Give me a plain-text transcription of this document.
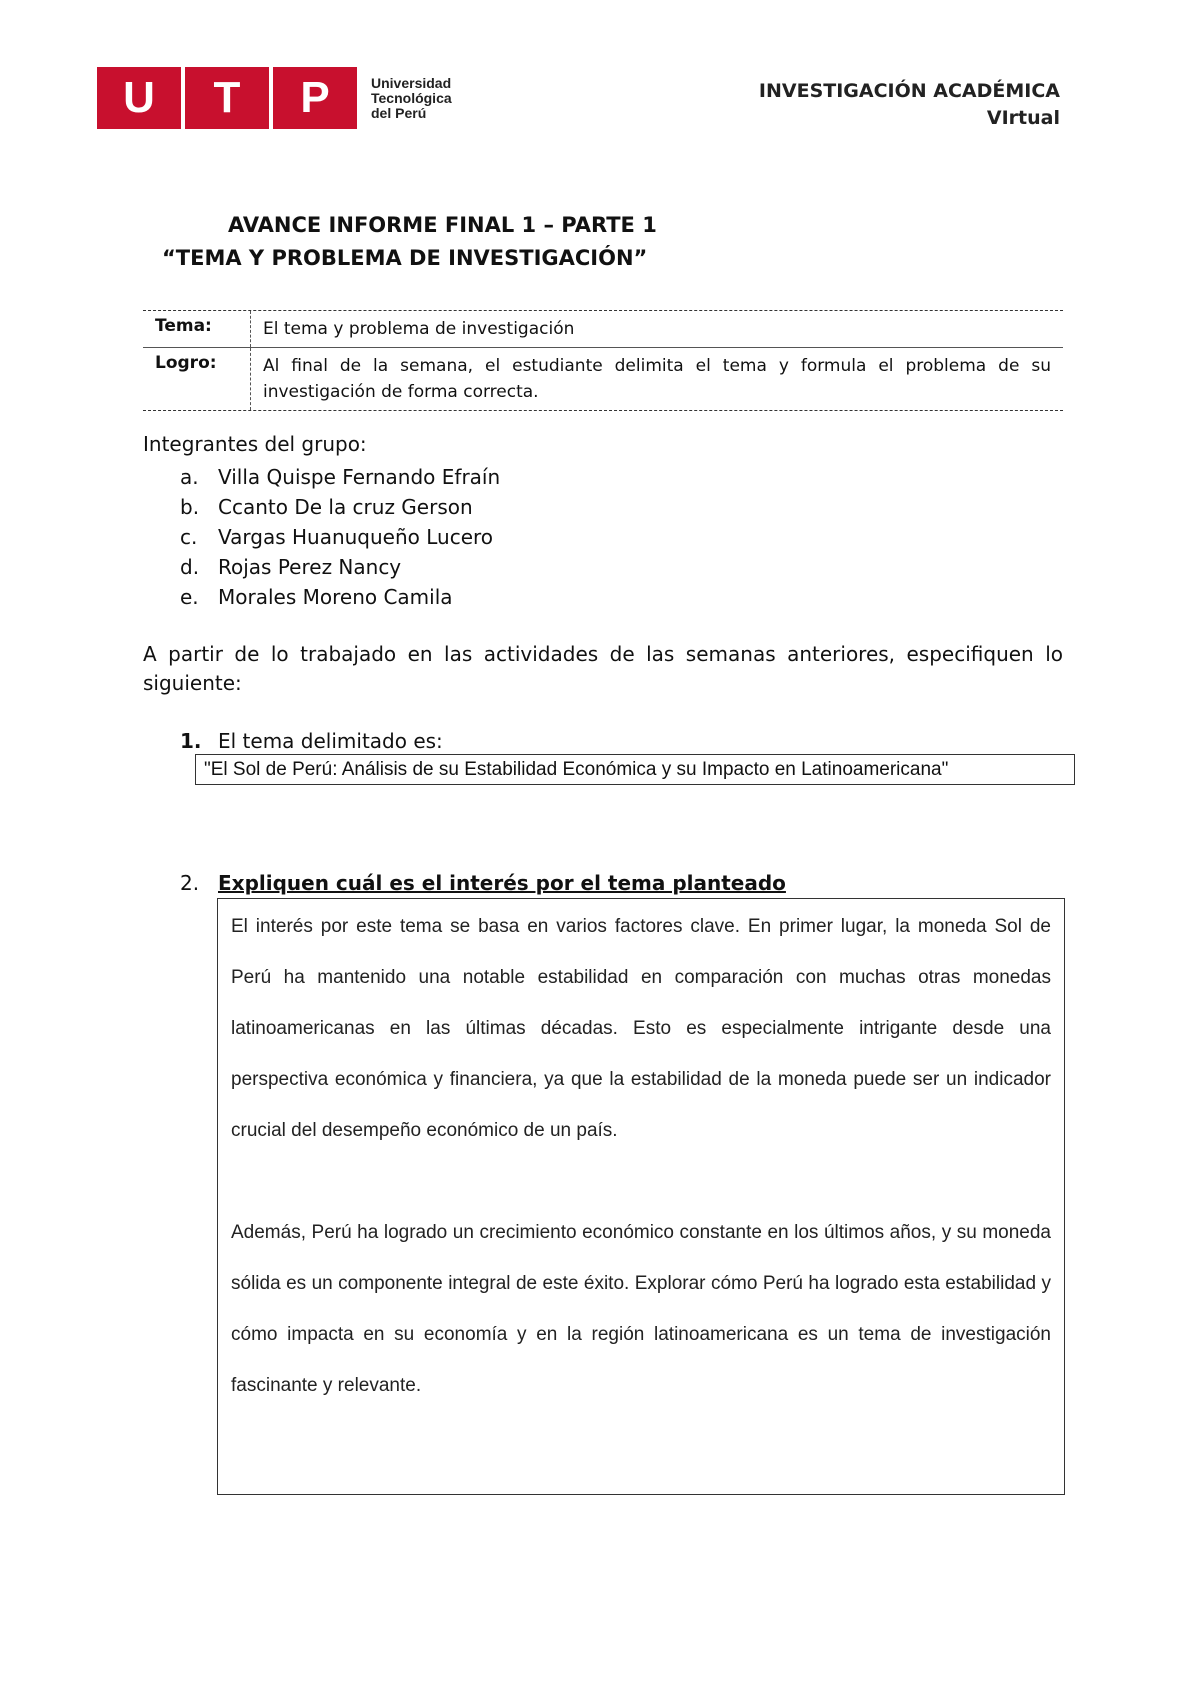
U	T	P	Universidad
Tecnológica
del Perú
INVESTIGACIÓN ACADÉMICA
VIrtual
AVANCE INFORME FINAL 1 – PARTE 1
“TEMA Y PROBLEMA DE INVESTIGACIÓN”
Tema:	El tema y problema de investigación
Logro:	Al final de la semana, el estudiante delimita el tema y formula el problema de su investigación de forma correcta.
Integrantes del grupo:
a. Villa Quispe Fernando Efraín
b. Ccanto De la cruz Gerson
c.	Vargas Huanuqueño Lucero
d. Rojas Perez Nancy
e. Morales Moreno Camila
A partir de lo trabajado en las actividades de las semanas anteriores, especifiquen lo siguiente:
1. El tema delimitado es:
"El Sol de Perú: Análisis de su Estabilidad Económica y su Impacto en Latinoamericana"
2. Expliquen cuál es el interés por el tema planteado

El interés por este tema se basa en varios factores clave. En primer lugar, la moneda Sol de Perú ha mantenido una notable estabilidad en comparación con muchas otras monedas latinoamericanas en las últimas décadas. Esto es especialmente intrigante desde una perspectiva económica y financiera, ya que la estabilidad de la moneda puede ser un indicador crucial del desempeño económico de un país.

Además, Perú ha logrado un crecimiento económico constante en los últimos años, y su moneda sólida es un componente integral de este éxito. Explorar cómo Perú ha logrado esta estabilidad y cómo impacta en su economía y en la región latinoamericana es un tema de investigación fascinante y relevante.
